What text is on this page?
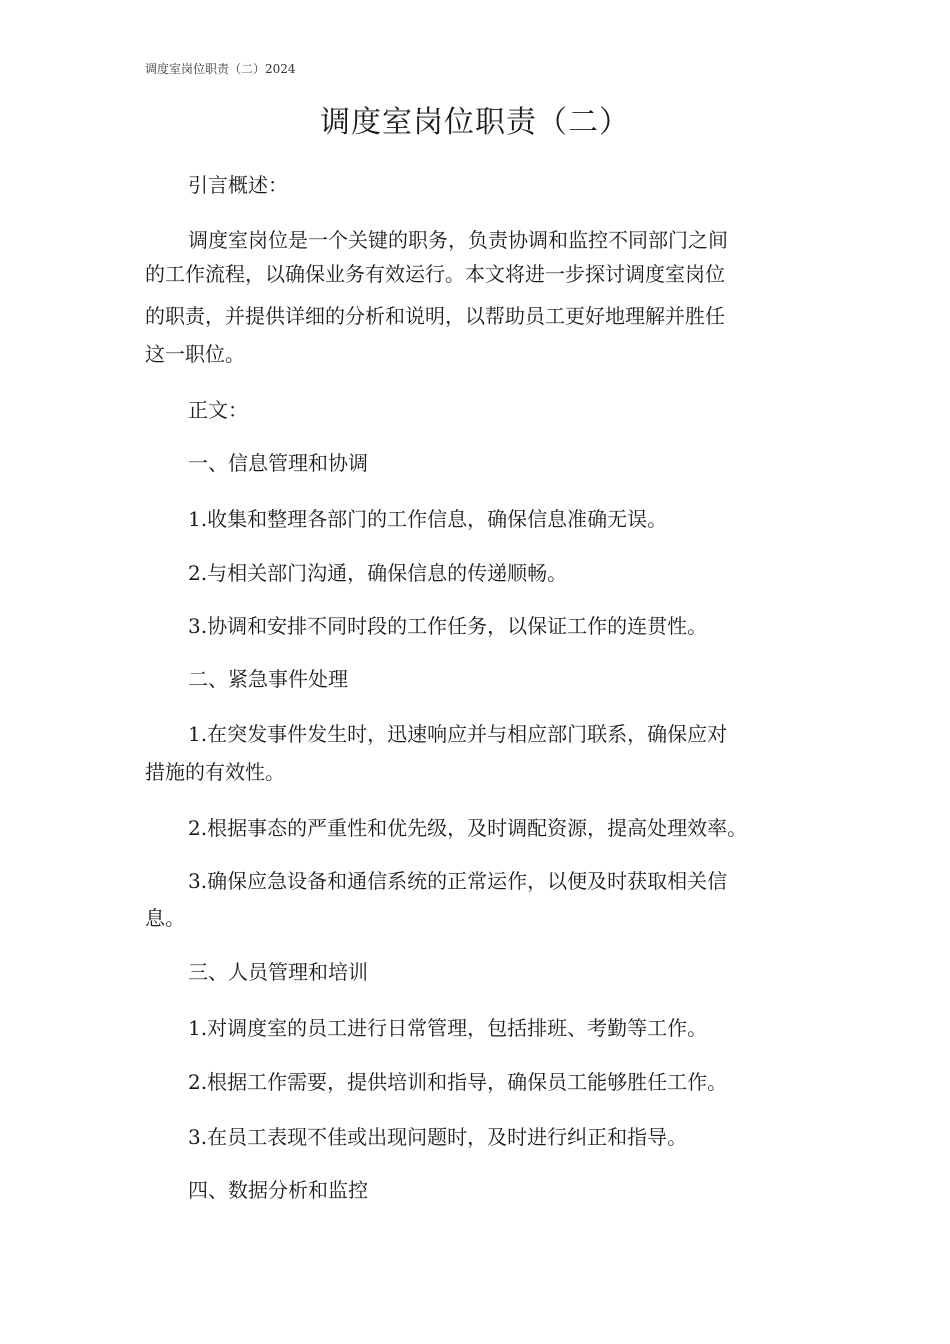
调度室岗位职责（二）2024
调度室岗位职责（二）
引言概述：
调度室岗位是一个关键的职务，负责协调和监控不同部门之间
的工作流程，以确保业务有效运行。本文将进一步探讨调度室岗位
的职责，并提供详细的分析和说明，以帮助员工更好地理解并胜任
这一职位。
正文：
一、信息管理和协调
1.收集和整理各部门的工作信息，确保信息准确无误。
2.与相关部门沟通，确保信息的传递顺畅。
3.协调和安排不同时段的工作任务，以保证工作的连贯性。
二、紧急事件处理
1.在突发事件发生时，迅速响应并与相应部门联系，确保应对
措施的有效性。
2.根据事态的严重性和优先级，及时调配资源，提高处理效率。
3.确保应急设备和通信系统的正常运作，以便及时获取相关信
息。
三、人员管理和培训
1.对调度室的员工进行日常管理，包括排班、考勤等工作。
2.根据工作需要，提供培训和指导，确保员工能够胜任工作。
3.在员工表现不佳或出现问题时，及时进行纠正和指导。
四、数据分析和监控
